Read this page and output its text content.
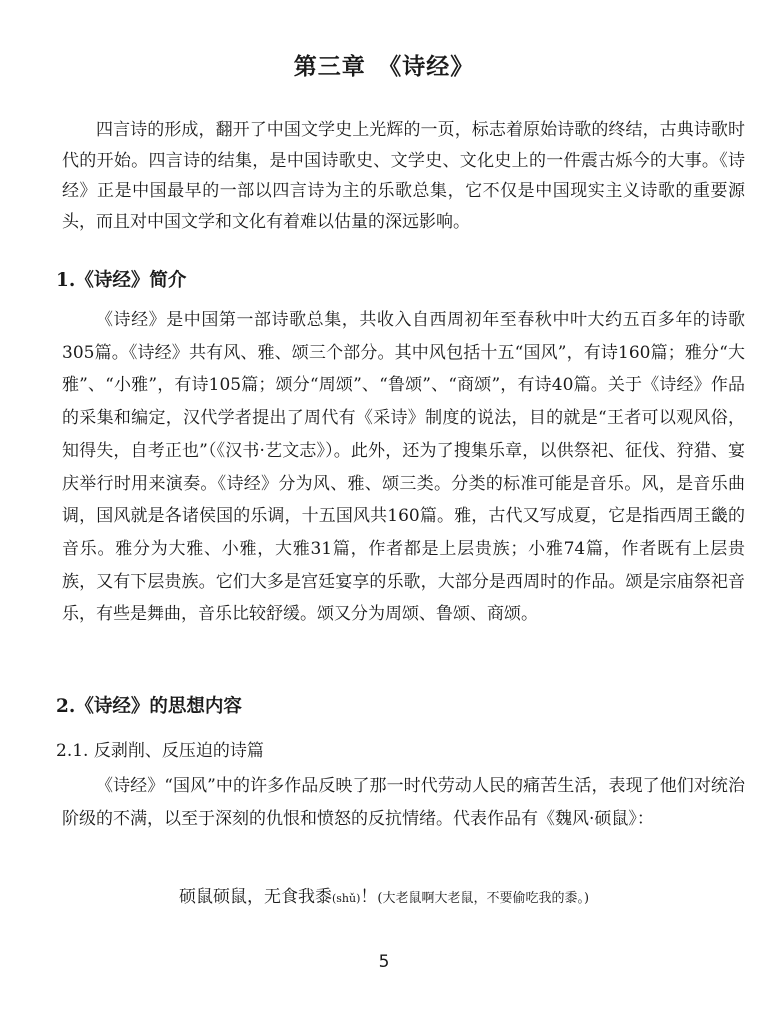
第三章　《诗经》
四言诗的形成，翻开了中国文学史上光辉的一页，标志着原始诗歌的终结，古典诗歌时代的开始。四言诗的结集，是中国诗歌史、文学史、文化史上的一件震古烁今的大事。《诗经》正是中国最早的一部以四言诗为主的乐歌总集，它不仅是中国现实主义诗歌的重要源头，而且对中国文学和文化有着难以估量的深远影响。
1.《诗经》简介
《诗经》是中国第一部诗歌总集，共收入自西周初年至春秋中叶大约五百多年的诗歌305篇。《诗经》共有风、雅、颂三个部分。其中风包括十五“国风”，有诗160篇；雅分“大雅”、“小雅”，有诗105篇；颂分“周颂”、“鲁颂”、“商颂”，有诗40篇。关于《诗经》作品的采集和编定，汉代学者提出了周代有《采诗》制度的说法，目的就是“王者可以观风俗，知得失，自考正也”（《汉书·艺文志》）。此外，还为了搜集乐章，以供祭祀、征伐、狩猎、宴庆举行时用来演奏。《诗经》分为风、雅、颂三类。分类的标准可能是音乐。风，是音乐曲调，国风就是各诸侯国的乐调，十五国风共160篇。雅，古代又写成夏，它是指西周王畿的音乐。雅分为大雅、小雅，大雅31篇，作者都是上层贵族；小雅74篇，作者既有上层贵族，又有下层贵族。它们大多是宫廷宴享的乐歌，大部分是西周时的作品。颂是宗庙祭祀音乐，有些是舞曲，音乐比较舒缓。颂又分为周颂、鲁颂、商颂。
2.《诗经》的思想内容
2.1. 反剥削、反压迫的诗篇
《诗经》“国风”中的许多作品反映了那一时代劳动人民的痛苦生活，表现了他们对统治阶级的不满，以至于深刻的仇恨和愤怒的反抗情绪。代表作品有《魏风·硕鼠》：
硕鼠硕鼠，无食我黍(shǔ)！(大老鼠啊大老鼠，不要偷吃我的黍。)
5
